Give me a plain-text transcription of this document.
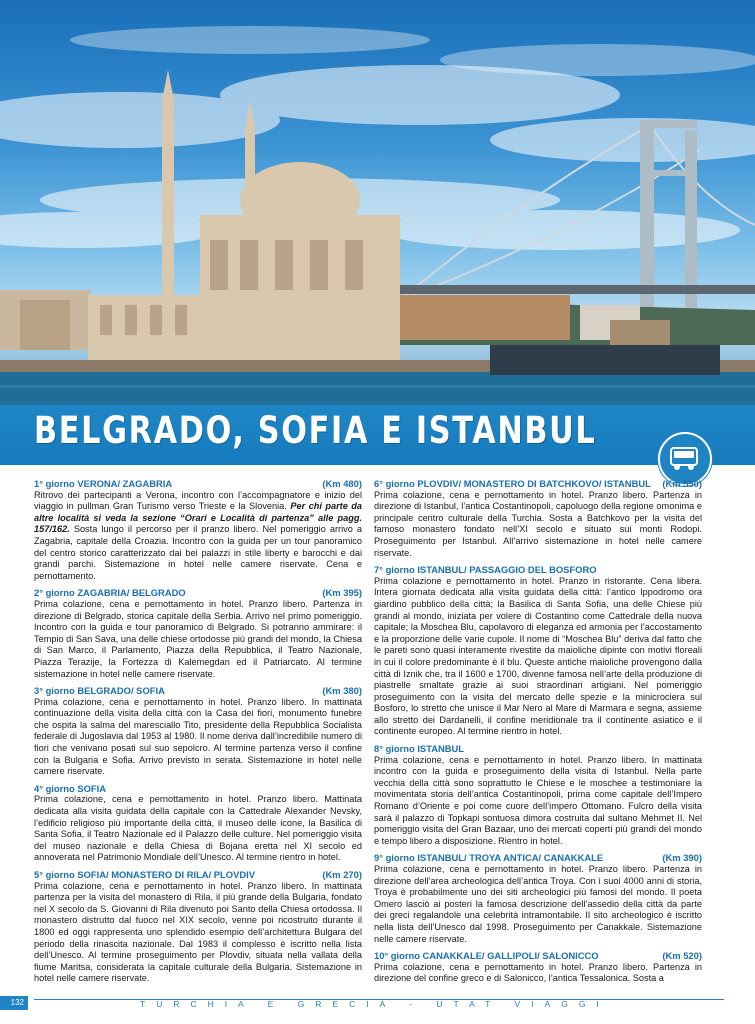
BELGRADO, SOFIA E ISTANBUL
1° giorno VERONA/ ZAGABRIA	(Km 480)

Ritrovo dei partecipanti a Verona, incontro con l’accompagnatore e inizio del viaggio in pullman Gran Turismo verso Trieste e la Slovenia. Per chi parte da altre località si veda la sezione “Orari e Località di partenza” alle pagg. 157/162. Sosta lungo il percorso per il pranzo libero. Nel pomeriggio arrivo a Zagabria, capitale della Croazia. Incontro con la guida per un tour panoramico del centro storico caratterizzato dai bei palazzi in stile liberty e barocchi e dai grandi parchi. Sistemazione in hotel nelle camere riservate. Cena e pernottamento.

2° giorno ZAGABRIA/ BELGRADO	(Km 395)

Prima colazione, cena e pernottamento in hotel. Pranzo libero. Partenza in direzione di Belgrado, storica capitale della Serbia. Arrivo nel primo pomeriggio. Incontro con la guida e tour panoramico di Belgrado. Si potranno ammirare: il Tempio di San Sava, una delle chiese ortodosse più grandi del mondo, la Chiesa di San Marco, il Parlamento, Piazza della Repubblica, il Teatro Nazionale, Piazza Terazije, la Fortezza di Kalemegdan ed il Patriarcato. Al termine sistemazione in hotel nelle camere riservate.

3° giorno BELGRADO/ SOFIA	(Km 380)

Prima colazione, cena e pernottamento in hotel. Pranzo libero. In mattinata continuazione della visita della città con la Casa dei fiori, monumento funebre che ospita la salma del maresciallo Tito, presidente della Repubblica Socialista federale di Jugoslavia dal 1953 al 1980. Il nome deriva dall’incredibile numero di fiori che venivano posati sul suo sepolcro. Al termine partenza verso il confine con la Bulgaria e Sofia. Arrivo previsto in serata. Sistemazione in hotel nelle camere riservate.

4° giorno SOFIA

Prima colazione, cena e pernottamento in hotel. Pranzo libero. Mattinata dedicata alla visita guidata della capitale con la Cattedrale Alexander Nevsky, l’edificio religioso più importante della città, il museo delle icone, la Basilica di Santa Sofia, il Teatro Nazionale ed il Palazzo delle culture. Nel pomeriggio visita del museo nazionale e della Chiesa di Bojana eretta nel XI secolo ed annoverata nel Patrimonio Mondiale dell’Unesco. Al termine rientro in hotel.

5° giorno SOFIA/ MONASTERO DI RILA/ PLOVDIV	(Km 270)

Prima colazione, cena e pernottamento in hotel. Pranzo libero. In mattinata partenza per la visita del monastero di Rila, il più grande della Bulgaria, fondato nel X secolo da S. Giovanni di Rila divenuto poi Santo della Chiesa ortodossa. Il monastero distrutto dal fuoco nel XIX secolo, venne poi ricostruito durante il 1800 ed oggi rappresenta uno splendido esempio dell’architettura Bulgara del periodo della rinascita nazionale. Dal 1983 il complesso è iscritto nella lista dell’Unesco. Al termine proseguimento per Plovdiv, situata nella vallata della fiume Maritsa, considerata la capitale culturale della Bulgaria. Sistemazione in hotel nelle camere riservate.

6° giorno PLOVDIV/ MONASTERO DI BATCHKOVO/ ISTANBUL	(Km 550)

Prima colazione, cena e pernottamento in hotel. Pranzo libero. Partenza in direzione di Istanbul, l’antica Costantinopoli, capoluogo della regione omonima e principale centro culturale della Turchia. Sosta a Batchkovo per la visita del famoso monastero fondato nell’XI secolo e situato sui monti Rodopi. Proseguimento per Istanbul. All’arrivo sistemazione in hotel nelle camere riservate.

7° giorno ISTANBUL/ PASSAGGIO DEL BOSFORO

Prima colazione e pernottamento in hotel. Pranzo in ristorante. Cena libera. Intera giornata dedicata alla visita guidata della città: l’antico Ippodromo ora giardino pubblico della città; la Basilica di Santa Sofia, una delle Chiese più grandi al mondo, iniziata per volere di Costantino come Cattedrale della nuova capitale; la Moschea Blu, capolavoro di eleganza ed armonia per l’accostamento e la proporzione delle varie cupole. Il nome di “Moschea Blu” deriva dal fatto che le pareti sono quasi interamente rivestite da maioliche dipinte con motivi floreali in cui il colore predominante è il blu. Queste antiche maioliche provengono dalla città di Iznik che, tra il 1600 e 1700, divenne famosa nell’arte della produzione di piastrelle smaltate grazie ai suoi straordinari artigiani. Nel pomeriggio proseguimento con la visita del mercato delle spezie e la minicrociera sul Bosforo, lo stretto che unisce il Mar Nero al Mare di Marmara e segna, assieme allo stretto dei Dardanelli, il confine meridionale tra il continente asiatico e il continente europeo. Al termine rientro in hotel.

8° giorno ISTANBUL

Prima colazione, cena e pernottamento in hotel. Pranzo libero. In mattinata incontro con la guida e proseguimento della visita di Istanbul. Nella parte vecchia della città sono soprattutto le Chiese e le moschee a testimoniare la movimentata storia dell’antica Costantinopoli, prima come capitale dell’Impero Romano d’Oriente e poi come cuore dell’impero Ottomano. Fulcro della visita sarà il palazzo di Topkapi sontuosa dimora costruita dal sultano Mehmet II. Nel pomeriggio visita del Gran Bazaar, uno dei mercati coperti più grandi del mondo e tempo libero a disposizione. Rientro in hotel.

9° giorno ISTANBUL/ TROYA ANTICA/ CANAKKALE	(Km 390)

Prima colazione, cena e pernottamento in hotel. Pranzo libero. Partenza in direzione dell’area archeologica dell’antica Troya. Con i suoi 4000 anni di storia, Troya è probabilmente uno dei siti archeologici più famosi del mondo. Il poeta Omero lasciò ai posteri la famosa descrizione dell’assedio della città da parte dei greci regalandole una celebrità intramontabile. Il sito archeologico è iscritto nella lista dell’Unesco dal 1998. Proseguimento per Canakkale. Sistemazione nelle camere riservate.

10° giorno CANAKKALE/ GALLIPOLI/ SALONICCO	(Km 520)

Prima colazione, cena e pernottamento in hotel. Pranzo libero. Partenza in direzione del confine greco e di Salonicco, l’antica Tessalonica. Sosta a

132	TURCHIA E GRECIA - UTAT VIAGGI
